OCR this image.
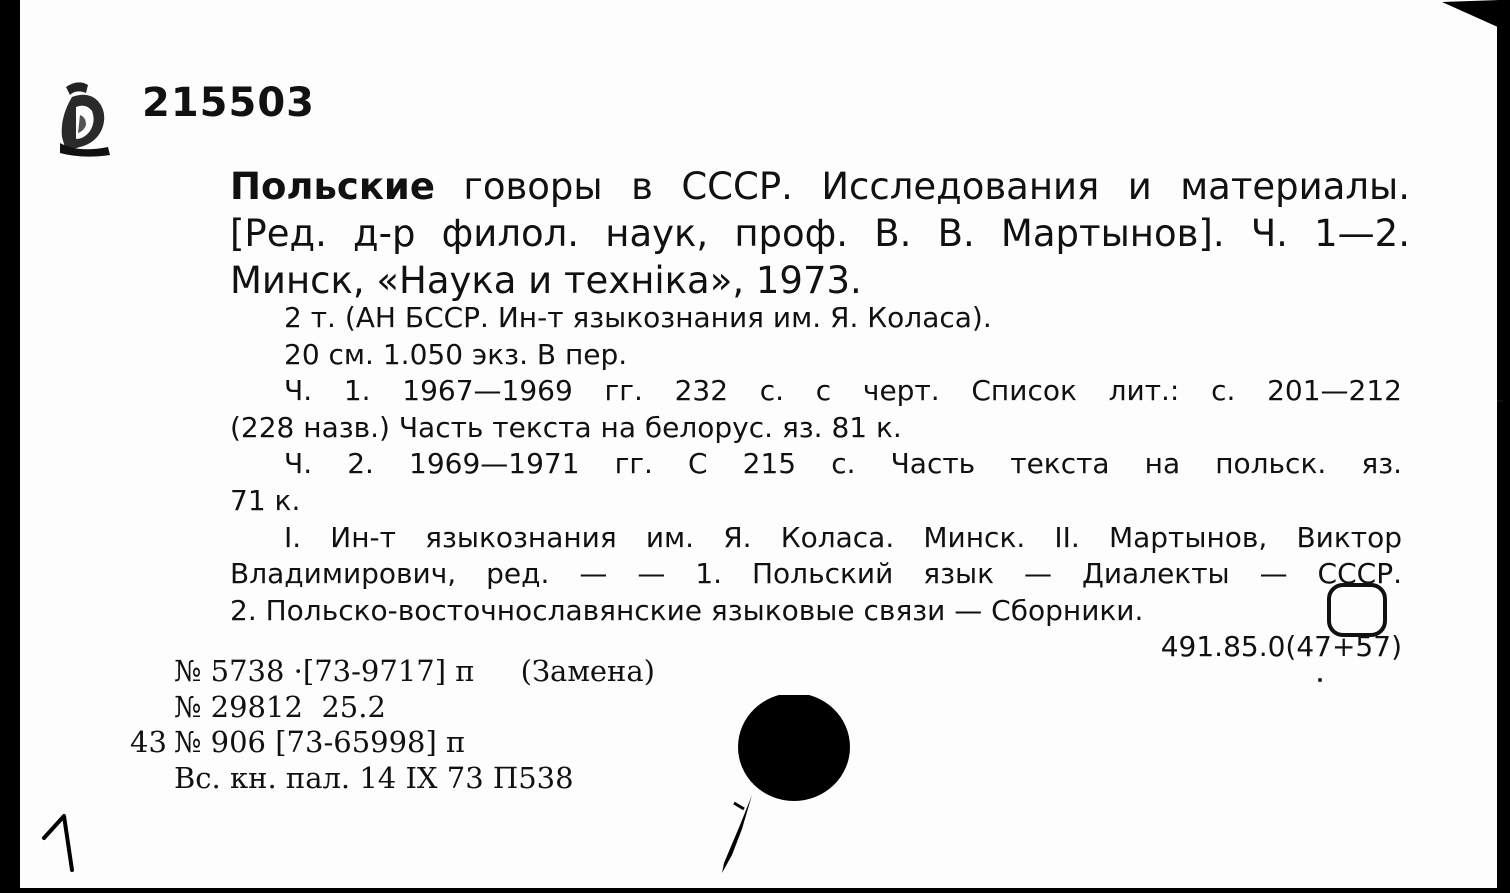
215503
Польские говоры в СССР. Исследования и материалы.
[Ред. д-р филол. наук, проф. В. В. Мартынов]. Ч. 1—2.
Минск, «Наука и техніка», 1973.
2 т. (АН БССР. Ин-т языкознания им. Я. Коласа).
20 см. 1.050 экз. В пер.
Ч. 1. 1967—1969 гг. 232 с. с черт. Список лит.: с. 201—212
(228 назв.) Часть текста на белорус. яз. 81 к.
Ч. 2. 1969—1971 гг. С 215 с. Часть текста на польск. яз.
71 к.
I. Ин-т языкознания им. Я. Коласа. Минск. II. Мартынов, Виктор
Владимирович, ред. — — 1. Польский язык — Диалекты — СССР.
2. Польско-восточнославянские языковые связи — Сборники.
491.85.0(47+57)
№ 5738 ·[73-9717] п     (Замена)
№ 29812  25.2
43 № 906 [73-65998] п
Вс. кн. пал. 14 IX 73 П538
